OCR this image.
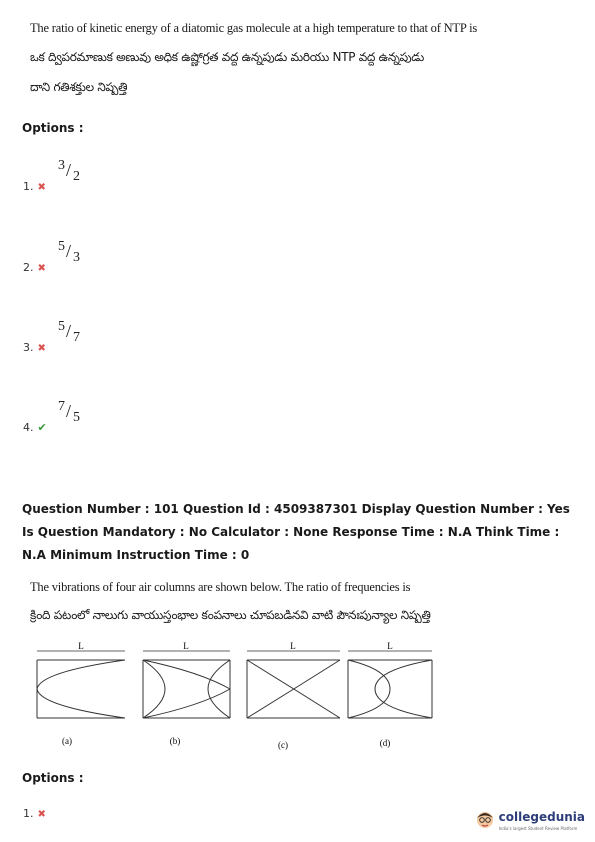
The ratio of kinetic energy of a diatomic gas molecule at a high temperature to that of NTP is
ఒక ద్విపరమాణుక అణువు అధిక ఉష్ణోగ్రత వద్ద ఉన్నపుడు మరియు NTP వద్ద ఉన్నపుడు
దాని గతిశక్తుల నిష్పత్తి
Options :
3 / 2
1. ✖
5 / 3
2. ✖
5 / 7
3. ✖
7 / 5
4. ✔
Question Number : 101 Question Id : 4509387301 Display Question Number : Yes Is Question Mandatory : No Calculator : None Response Time : N.A Think Time : N.A Minimum Instruction Time : 0
The vibrations of four air columns are shown below. The ratio of frequencies is
క్రింది పటంలో నాలుగు వాయుస్తంభాల కంపనాలు చూపబడినవి వాటి పౌనఃపున్యాల నిష్పత్తి
L	L	L	L
(a)	(b)	(c)	(d)
Options :
1. ✖	collegedunia
India's largest Student Review Platform
